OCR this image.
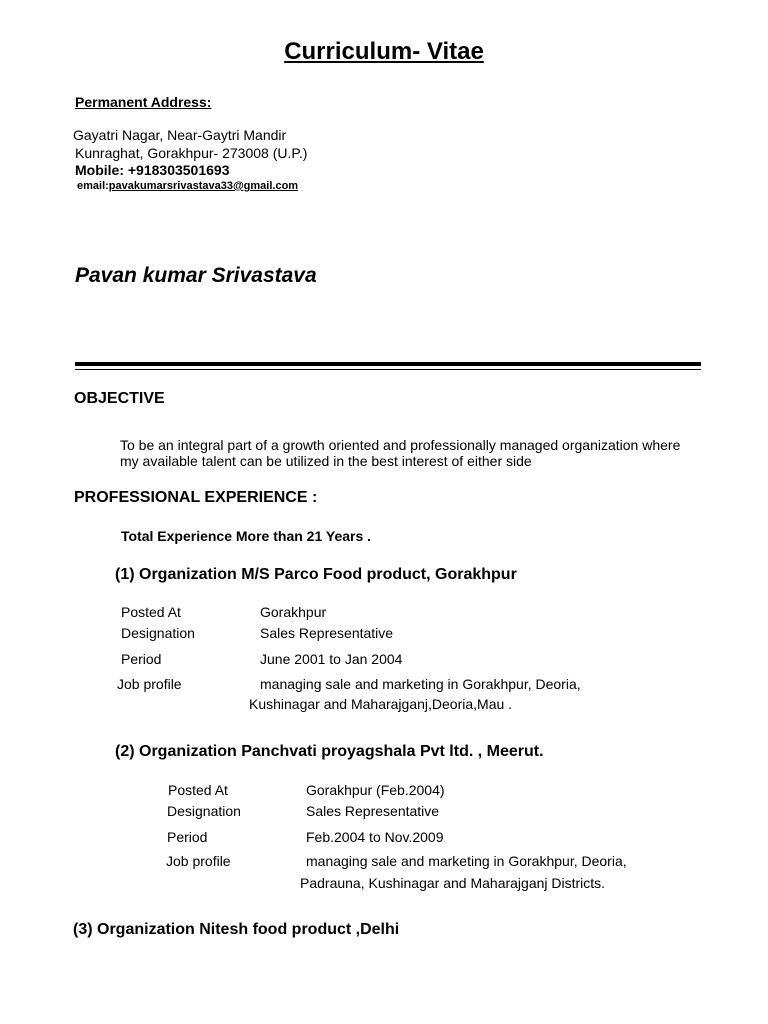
Curriculum- Vitae
Permanent Address:
Gayatri Nagar, Near-Gaytri Mandir
Kunraghat, Gorakhpur- 273008 (U.P.)
Mobile: +918303501693
email:pavakumarsrivastava33@gmail.com
Pavan kumar Srivastava
OBJECTIVE
To be an integral part of a growth oriented and professionally managed organization where
my available talent can be utilized in the best interest of either side
PROFESSIONAL EXPERIENCE :
Total Experience More than 21 Years .
(1) Organization M/S Parco Food product, Gorakhpur
Posted At	Gorakhpur
Designation	Sales Representative
Period	June 2001 to Jan 2004
Job profile	managing sale and marketing in Gorakhpur, Deoria,
Kushinagar and Maharajganj,Deoria,Mau .
(2) Organization Panchvati proyagshala Pvt ltd. , Meerut.
Posted At	Gorakhpur (Feb.2004)
Designation	Sales Representative
Period	Feb.2004 to Nov.2009
Job profile	managing sale and marketing in Gorakhpur, Deoria,
Padrauna, Kushinagar and Maharajganj Districts.
(3) Organization Nitesh food product ,Delhi
